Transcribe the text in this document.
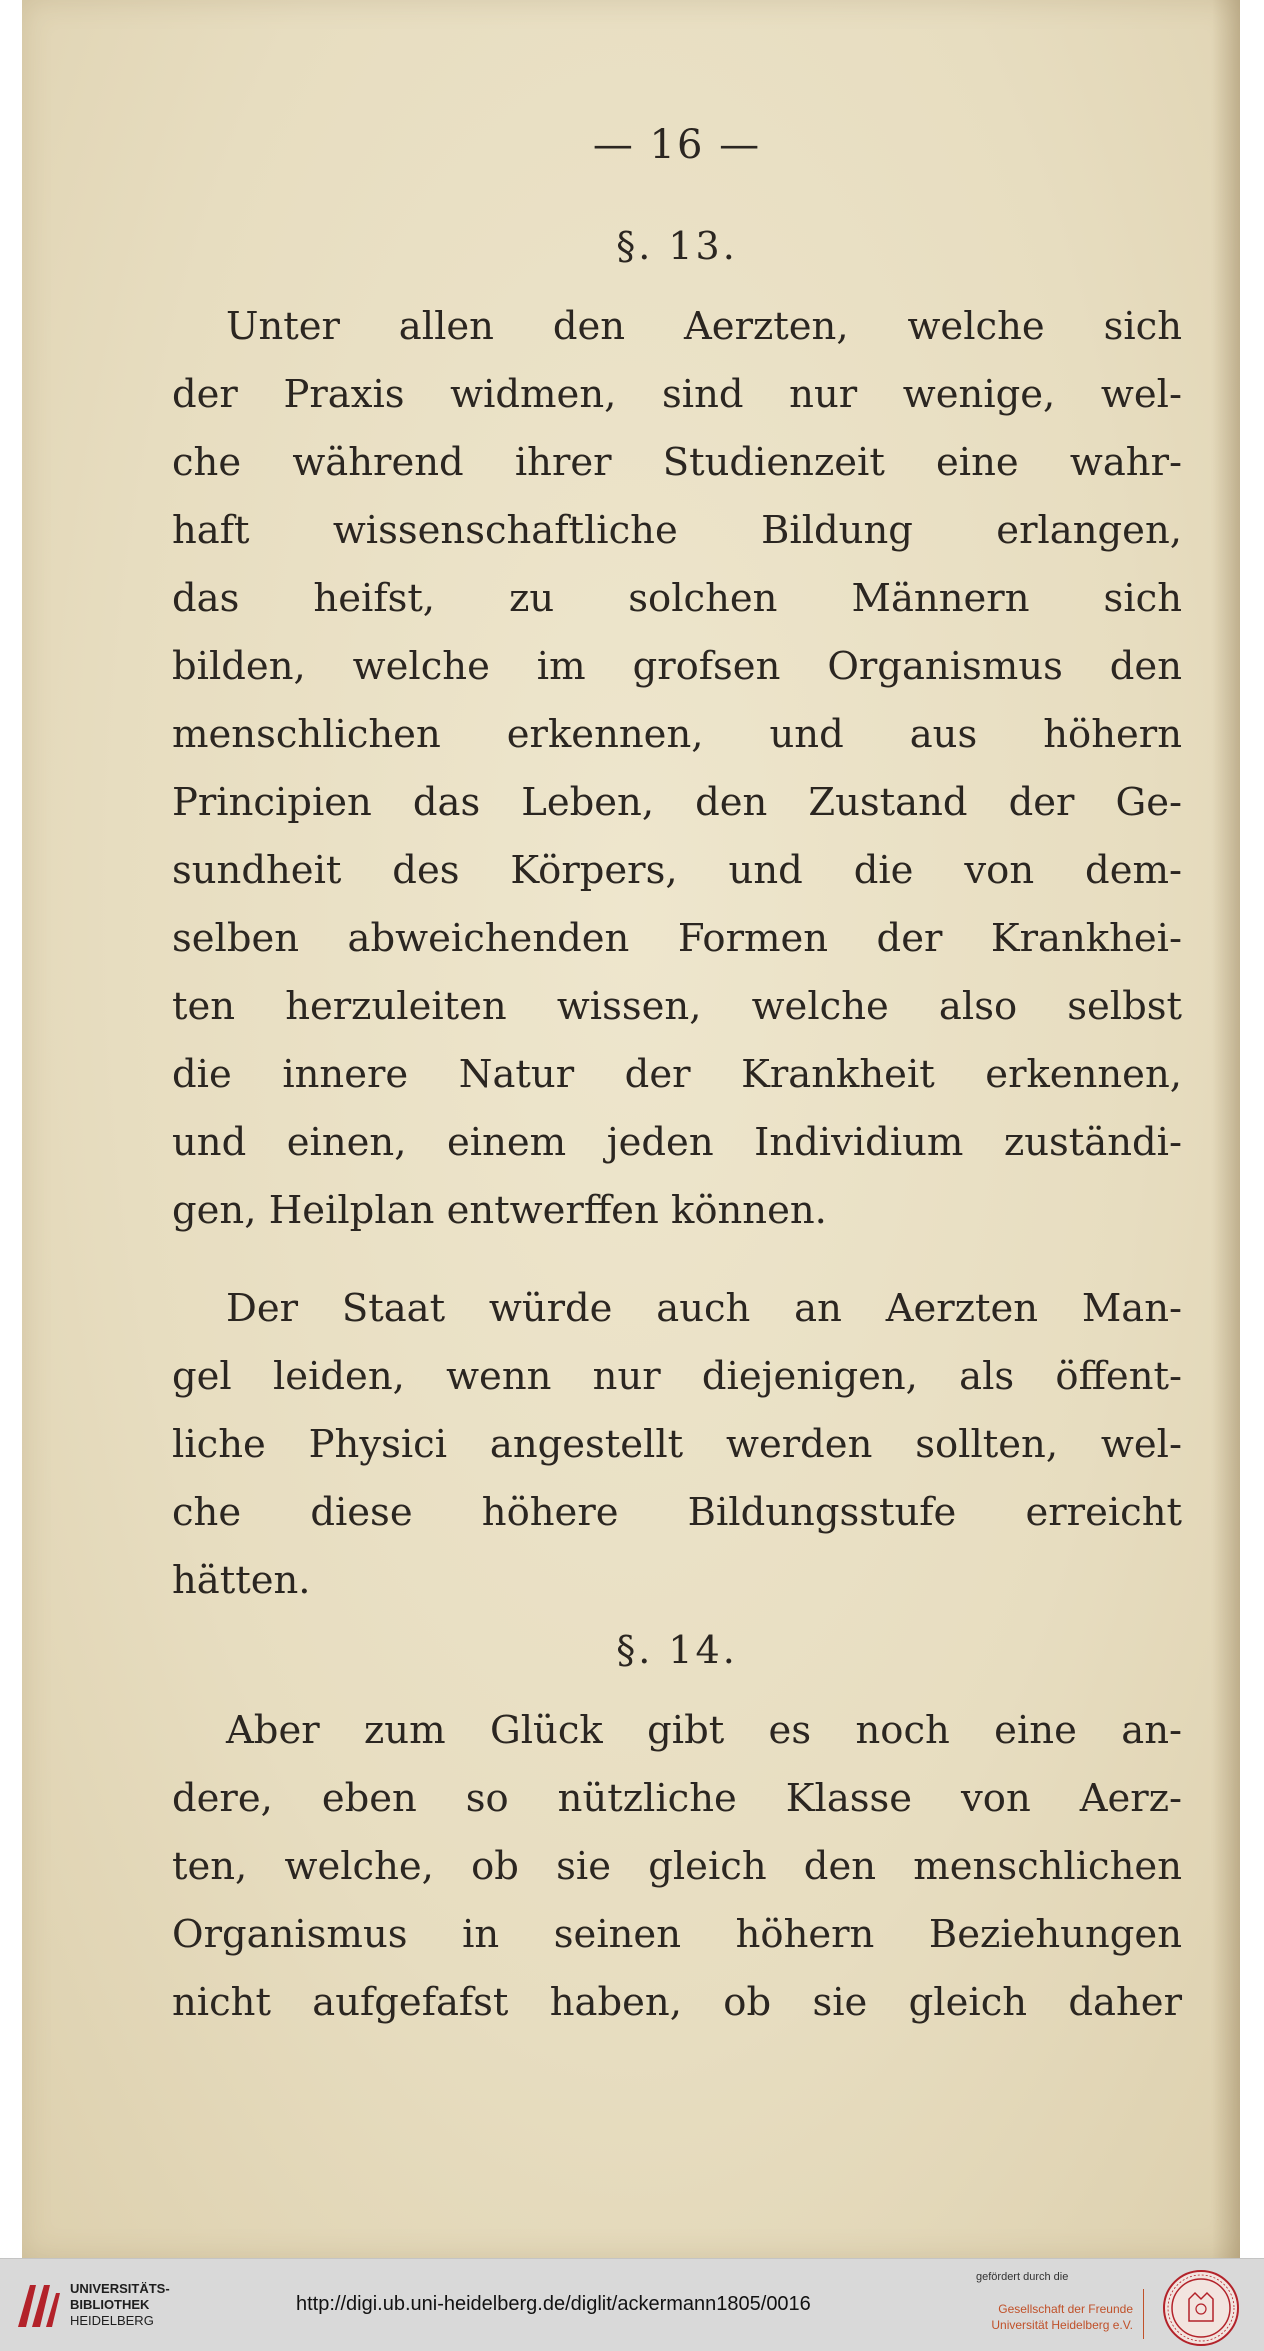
— 16 —
§. 13.
Unter allen den Aerzten, welche sich
der Praxis widmen, sind nur wenige, wel-
che während ihrer Studienzeit eine wahr-
haft wissenschaftliche Bildung erlangen,
das heifst, zu solchen Männern sich
bilden, welche im grofsen Organismus den
menschlichen erkennen, und aus höhern
Principien das Leben, den Zustand der Ge-
sundheit des Körpers, und die von dem-
selben abweichenden Formen der Krankhei-
ten herzuleiten wissen, welche also selbst
die innere Natur der Krankheit erkennen,
und einen, einem jeden Individium zuständi-
gen, Heilplan entwerffen können.
Der Staat würde auch an Aerzten Man-
gel leiden, wenn nur diejenigen, als öffent-
liche Physici angestellt werden sollten, wel-
che diese höhere Bildungsstufe erreicht
hätten.
§. 14.
Aber zum Glück gibt es noch eine an-
dere, eben so nützliche Klasse von Aerz-
ten, welche, ob sie gleich den menschlichen
Organismus in seinen höhern Beziehungen
nicht aufgefafst haben, ob sie gleich daher
UNIVERSITÄTS-
BIBLIOTHEK
HEIDELBERG
http://digi.ub.uni-heidelberg.de/diglit/ackermann1805/0016
gefördert durch die
Gesellschaft der Freunde
Universität Heidelberg e.V.
